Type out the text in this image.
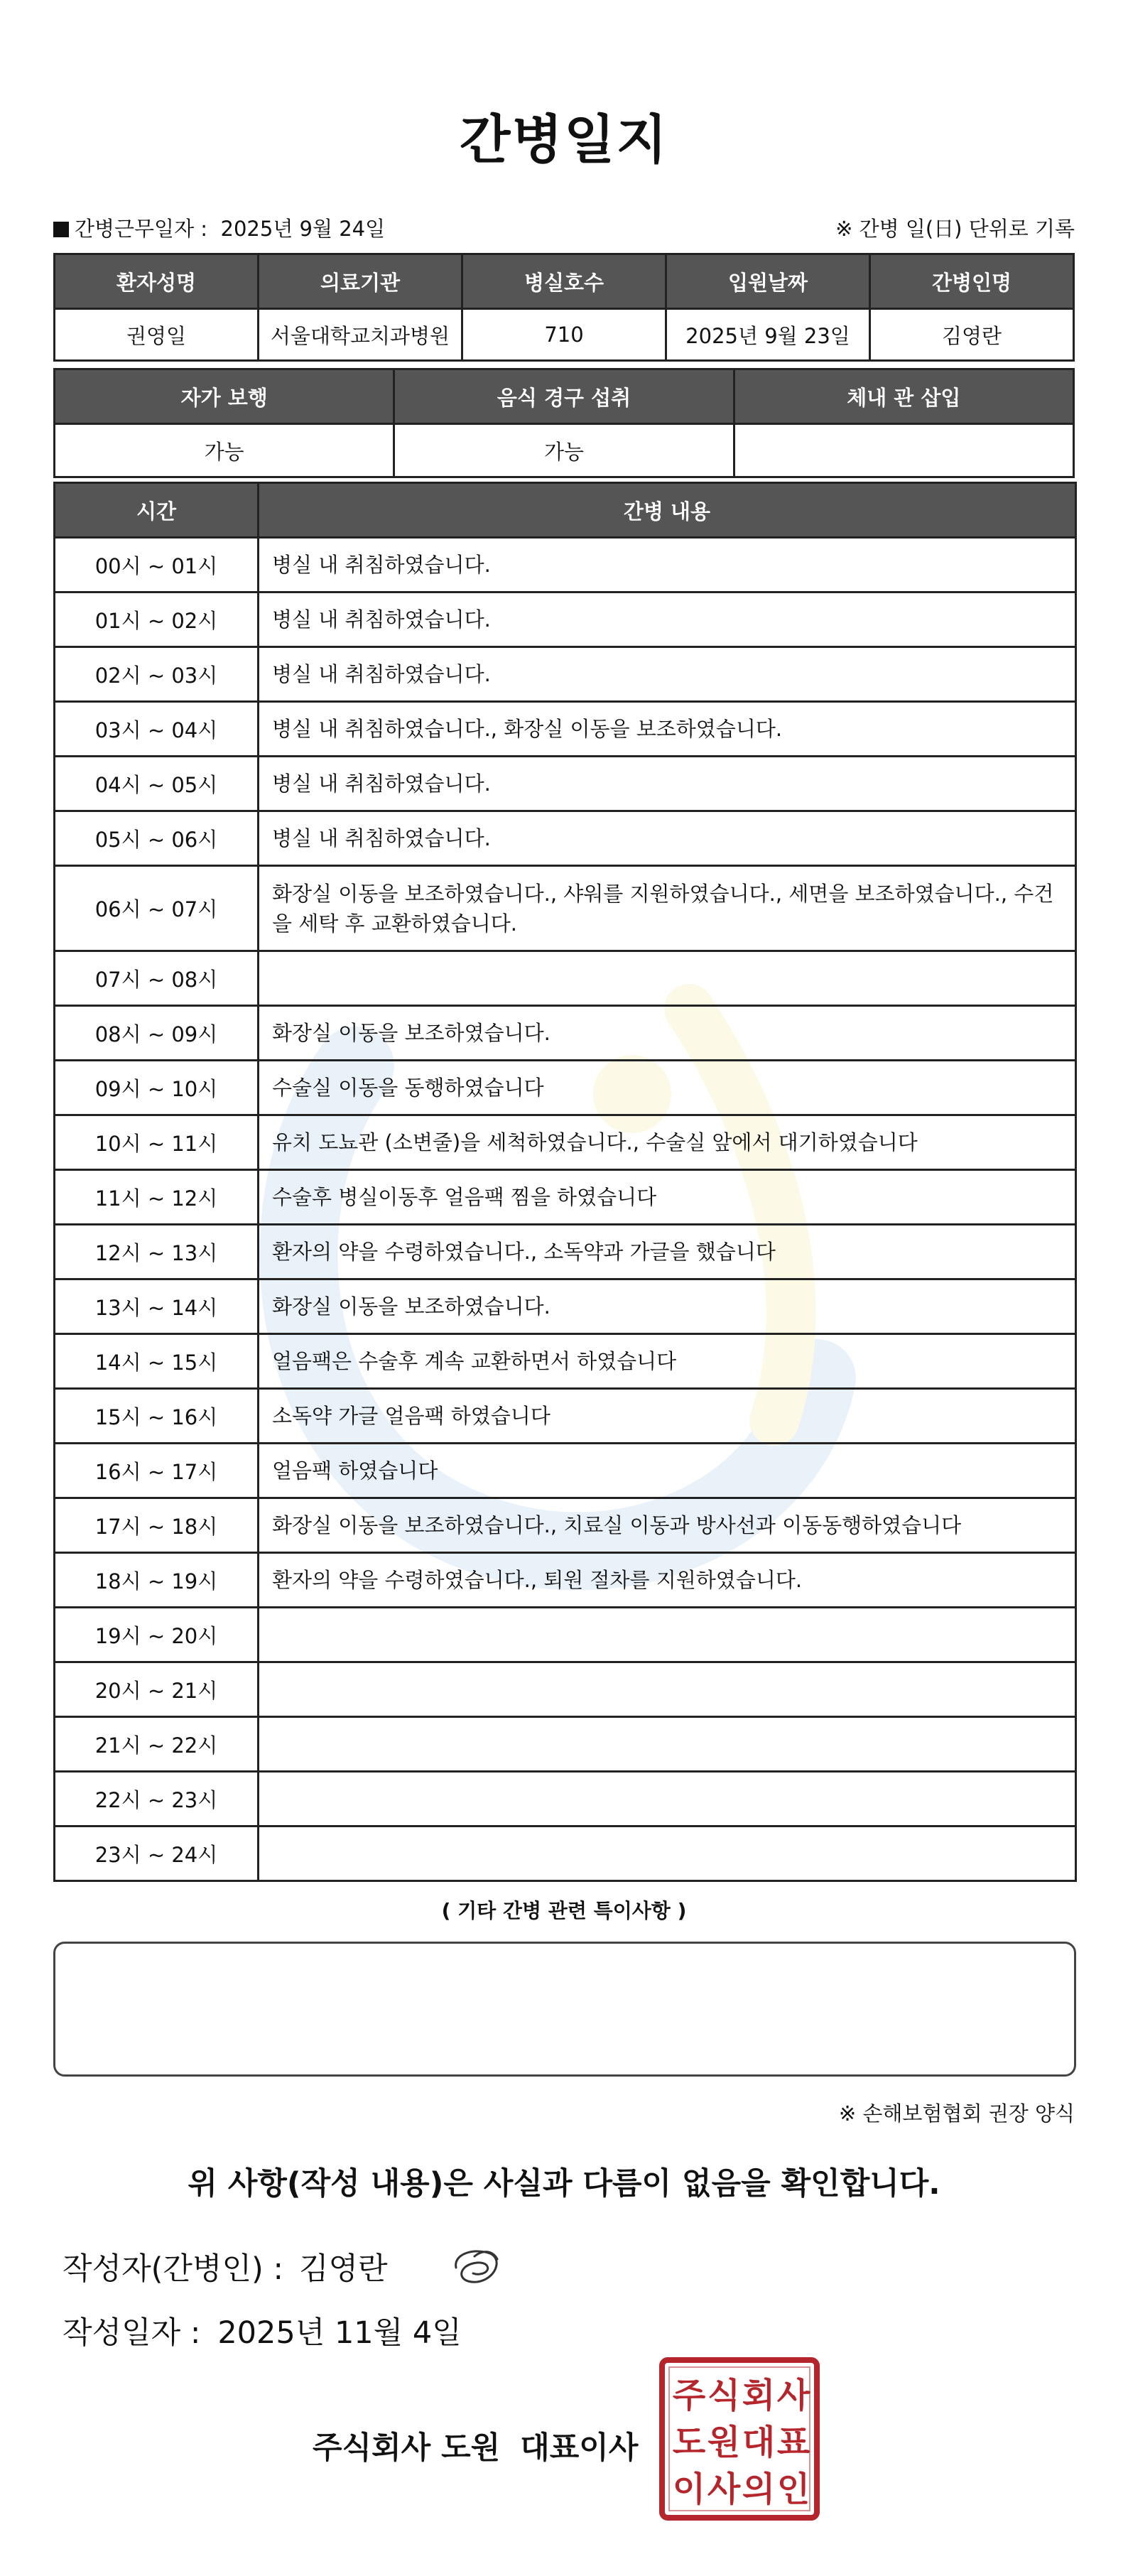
간병일지
간병근무일자 : 2025년 9월 24일	※ 간병 일(日) 단위로 기록
환자성명	의료기관	병실호수	입원날짜	간병인명
권영일	서울대학교치과병원	710	2025년 9월 23일	김영란
자가 보행	음식 경구 섭취	체내 관 삽입
가능	가능	
시간	간병 내용
00시 ~ 01시	병실 내 취침하였습니다.
01시 ~ 02시	병실 내 취침하였습니다.
02시 ~ 03시	병실 내 취침하였습니다.
03시 ~ 04시	병실 내 취침하였습니다., 화장실 이동을 보조하였습니다.
04시 ~ 05시	병실 내 취침하였습니다.
05시 ~ 06시	병실 내 취침하였습니다.
06시 ~ 07시	화장실 이동을 보조하였습니다., 샤워를 지원하였습니다., 세면을 보조하였습니다., 수건을 세탁 후 교환하였습니다.
07시 ~ 08시	
08시 ~ 09시	화장실 이동을 보조하였습니다.
09시 ~ 10시	수술실 이동을 동행하였습니다
10시 ~ 11시	유치 도뇨관 (소변줄)을 세척하였습니다., 수술실 앞에서 대기하였습니다
11시 ~ 12시	수술후 병실이동후 얼음팩 찜을 하였습니다
12시 ~ 13시	환자의 약을 수령하였습니다., 소독약과 가글을 했습니다
13시 ~ 14시	화장실 이동을 보조하였습니다.
14시 ~ 15시	얼음팩은 수술후 계속 교환하면서 하였습니다
15시 ~ 16시	소독약 가글 얼음팩 하였습니다
16시 ~ 17시	얼음팩 하였습니다
17시 ~ 18시	화장실 이동을 보조하였습니다., 치료실 이동과 방사선과 이동동행하였습니다
18시 ~ 19시	환자의 약을 수령하였습니다., 퇴원 절차를 지원하였습니다.
19시 ~ 20시	
20시 ~ 21시	
21시 ~ 22시	
22시 ~ 23시	
23시 ~ 24시	
( 기타 간병 관련 특이사항 )
※ 손해보험협회 권장 양식
위 사항(작성 내용)은 사실과 다름이 없음을 확인합니다.
작성자(간병인) : 김영란
작성일자 : 2025년 11월 4일
주식회사 도원 대표이사
주 식 회 사
도 원 대 표
이 사 의 인
